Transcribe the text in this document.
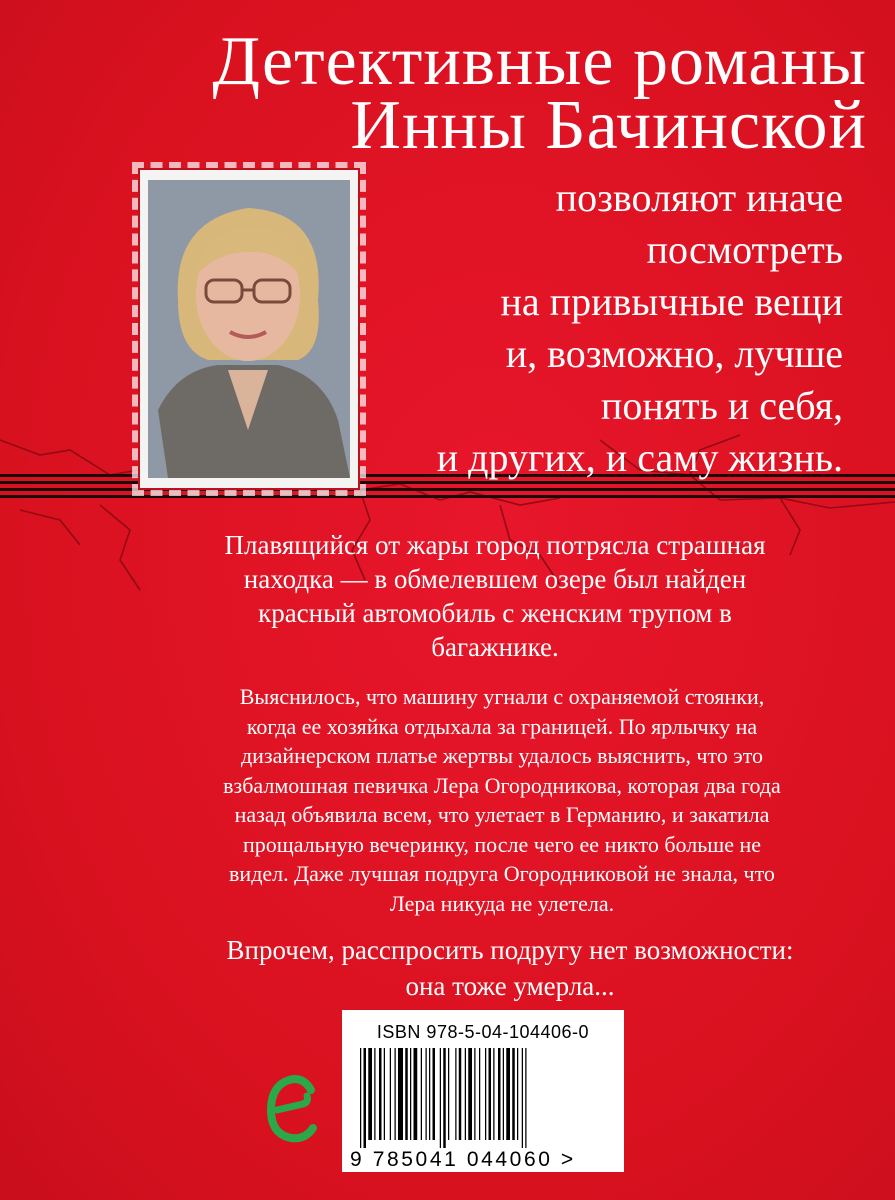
Детективные романы
Инны Бачинской
позволяют иначе
посмотреть
на привычные вещи
и, возможно, лучше
понять и себя,
и других, и саму жизнь.
Плавящийся от жары город потрясла страшная
находка — в обмелевшем озере был найден
красный автомобиль с женским трупом в
багажнике.
Выяснилось, что машину угнали с охраняемой стоянки,
когда ее хозяйка отдыхала за границей. По ярлычку на
дизайнерском платье жертвы удалось выяснить, что это
взбалмошная певичка Лера Огородникова, которая два года
назад объявила всем, что улетает в Германию, и закатила
прощальную вечеринку, после чего ее никто больше не
видел. Даже лучшая подруга Огородниковой не знала, что
Лера никуда не улетела.
Впрочем, расспросить подругу нет возможности:
она тоже умерла...
ISBN 978-5-04-104406-0
9 785041 044060 >
